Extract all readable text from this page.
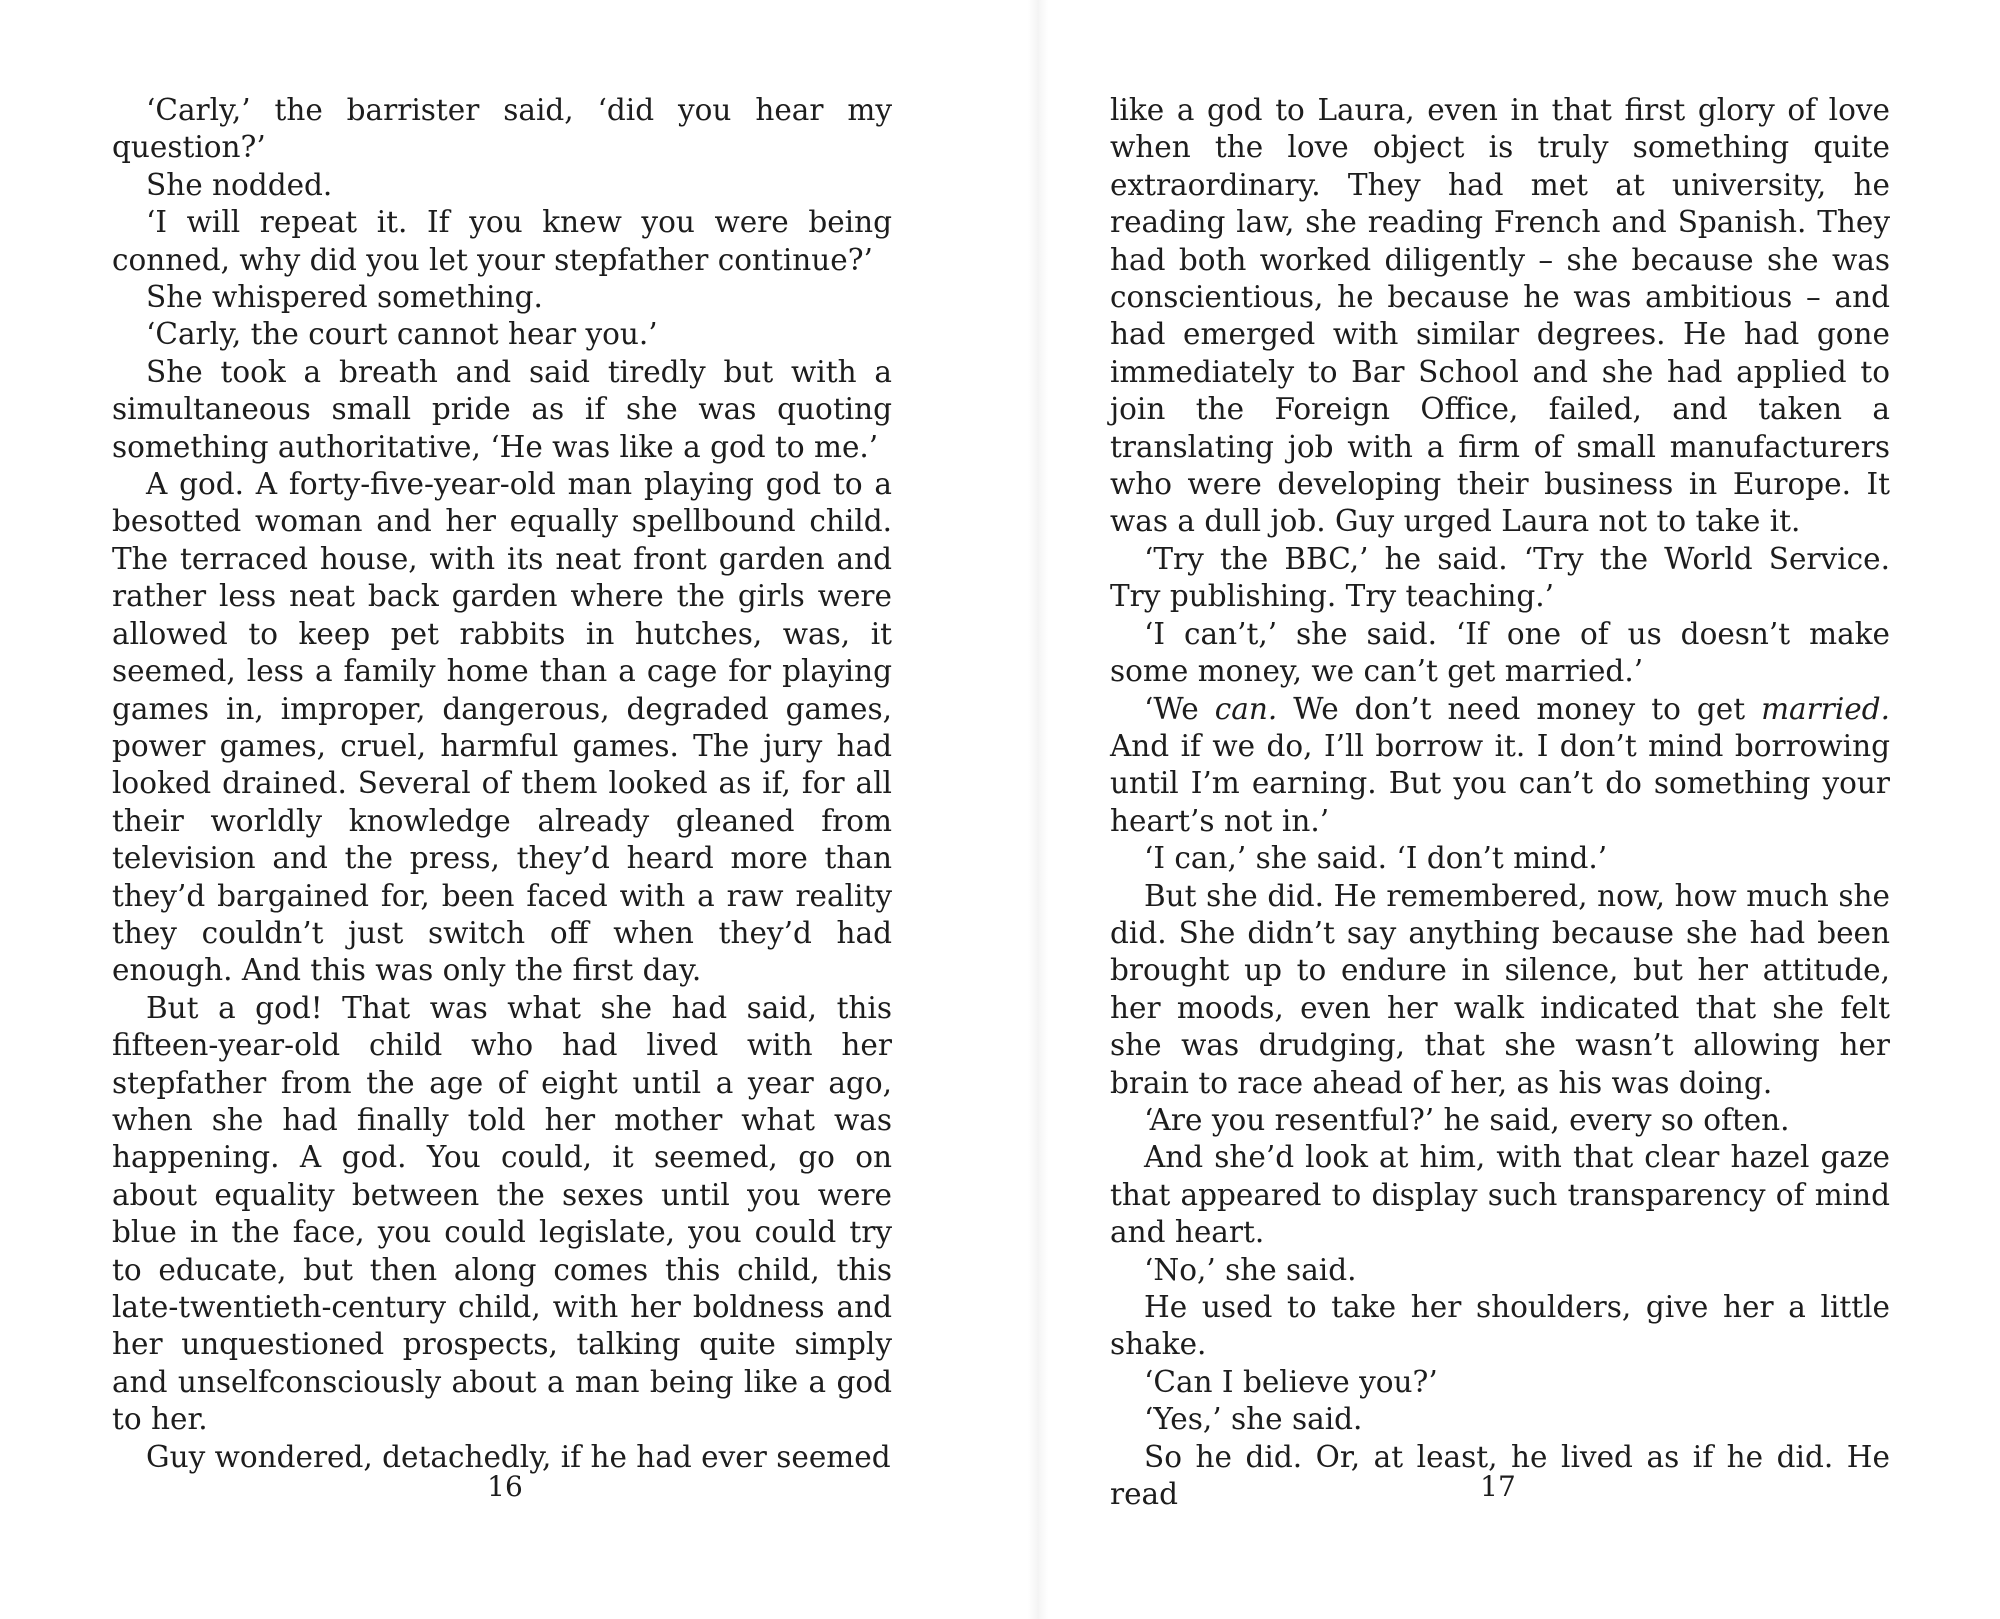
‘Carly,’ the barrister said, ‘did you hear my question?’

She nodded.

‘I will repeat it. If you knew you were being conned, why did you let your stepfather continue?’

She whispered something.

‘Carly, the court cannot hear you.’

She took a breath and said tiredly but with a simultaneous small pride as if she was quoting something authoritative, ‘He was like a god to me.’

A god. A forty-five-year-old man playing god to a besotted woman and her equally spellbound child. The terraced house, with its neat front garden and rather less neat back garden where the girls were allowed to keep pet rabbits in hutches, was, it seemed, less a family home than a cage for playing games in, improper, dangerous, degraded games, power games, cruel, harmful games. The jury had looked drained. Several of them looked as if, for all their worldly knowledge already gleaned from television and the press, they’d heard more than they’d bargained for, been faced with a raw reality they couldn’t just switch off when they’d had enough. And this was only the first day.

But a god! That was what she had said, this fifteen-year-old child who had lived with her stepfather from the age of eight until a year ago, when she had finally told her mother what was happening. A god. You could, it seemed, go on about equality between the sexes until you were blue in the face, you could legislate, you could try to educate, but then along comes this child, this late-twentieth-century child, with her boldness and her unquestioned prospects, talking quite simply and unselfconsciously about a man being like a god to her.

Guy wondered, detachedly, if he had ever seemed

16

like a god to Laura, even in that first glory of love when the love object is truly something quite extraordinary. They had met at university, he reading law, she reading French and Spanish. They had both worked diligently – she because she was conscientious, he because he was ambitious – and had emerged with similar degrees. He had gone immediately to Bar School and she had applied to join the Foreign Office, failed, and taken a translating job with a firm of small manufacturers who were developing their business in Europe. It was a dull job. Guy urged Laura not to take it.

‘Try the BBC,’ he said. ‘Try the World Service. Try publishing. Try teaching.’

‘I can’t,’ she said. ‘If one of us doesn’t make some money, we can’t get married.’

‘We can. We don’t need money to get married. And if we do, I’ll borrow it. I don’t mind borrowing until I’m earning. But you can’t do something your heart’s not in.’

‘I can,’ she said. ‘I don’t mind.’

But she did. He remembered, now, how much she did. She didn’t say anything because she had been brought up to endure in silence, but her attitude, her moods, even her walk indicated that she felt she was drudging, that she wasn’t allowing her brain to race ahead of her, as his was doing.

‘Are you resentful?’ he said, every so often.

And she’d look at him, with that clear hazel gaze that appeared to display such transparency of mind and heart.

‘No,’ she said.

He used to take her shoulders, give her a little shake.

‘Can I believe you?’

‘Yes,’ she said.

So he did. Or, at least, he lived as if he did. He read	17
